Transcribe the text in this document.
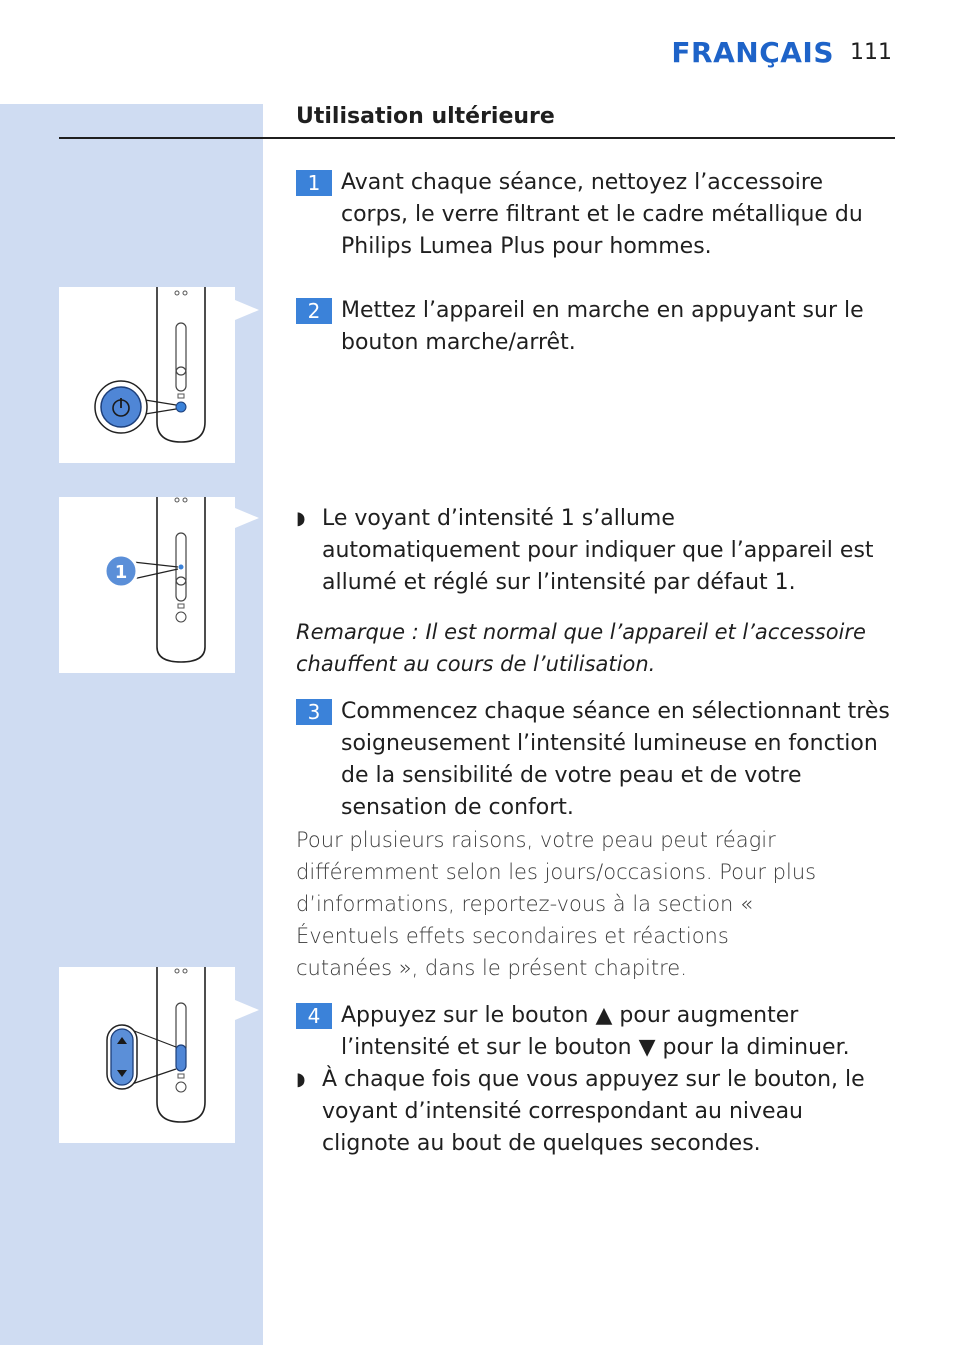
FRANÇAIS 111
Utilisation ultérieure
1
1 Avant chaque séance, nettoyez l’accessoire corps, le verre filtrant et le cadre métallique du Philips Lumea Plus pour hommes.
2 Mettez l’appareil en marche en appuyant sur le bouton marche/arrêt.
◗ Le voyant d’intensité 1 s’allume automatiquement pour indiquer que l’appareil est allumé et réglé sur l’intensité par défaut 1.
Remarque : Il est normal que l’appareil et l’accessoire chauffent au cours de l’utilisation.
3 Commencez chaque séance en sélectionnant très soigneusement l’intensité lumineuse en fonction de la sensibilité de votre peau et de votre sensation de confort.
Pour plusieurs raisons, votre peau peut réagir différemment selon les jours/occasions. Pour plus d’informations, reportez-vous à la section « Éventuels effets secondaires et réactions cutanées », dans le présent chapitre.
4 Appuyez sur le bouton ▲ pour augmenter l’intensité et sur le bouton ▼ pour la diminuer.
◗ À chaque fois que vous appuyez sur le bouton, le voyant d’intensité correspondant au niveau clignote au bout de quelques secondes.
